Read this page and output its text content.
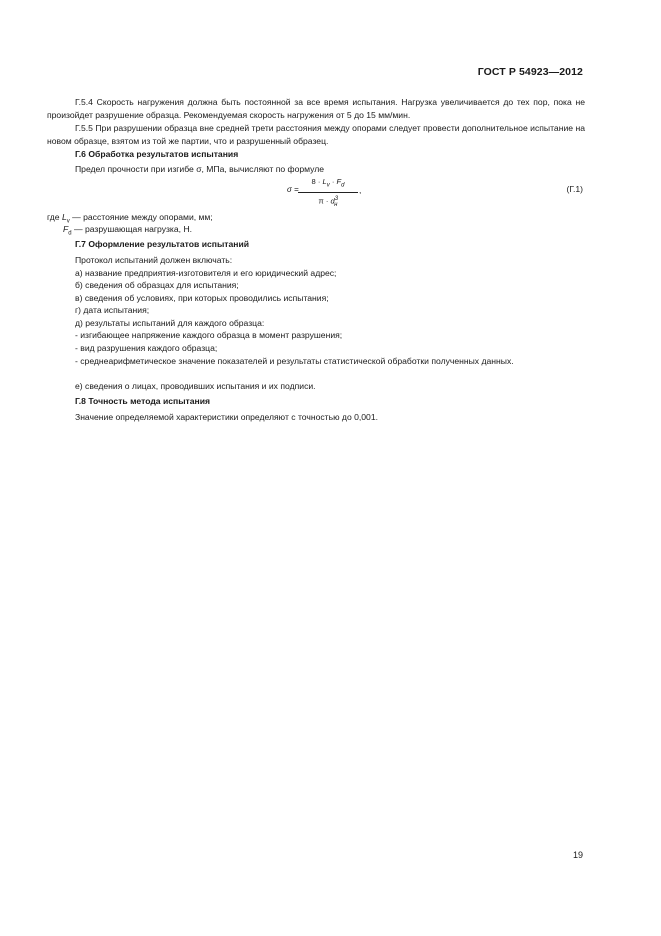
ГОСТ Р 54923—2012
Г.5.4 Скорость нагружения должна быть постоянной за все время испытания. Нагрузка увеличивается до тех пор, пока не произойдет разрушение образца. Рекомендуемая скорость нагружения от 5 до 15 мм/мин.
Г.5.5 При разрушении образца вне средней трети расстояния между опорами следует провести дополнительное испытание на новом образце, взятом из той же партии, что и разрушенный образец.
Г.6 Обработка результатов испытания
Предел прочности при изгибе σ, МПа, вычисляют по формуле
σ =
$8 \cdot L_v \cdot F_d$
$\pi \cdot d^3_н$
,	(Г.1)
где $L_v$ — расстояние между опорами, мм;
$F_d$ — разрушающая нагрузка, Н.
Г.7 Оформление результатов испытаний
Протокол испытаний должен включать:
а) название предприятия-изготовителя и его юридический адрес;
б) сведения об образцах для испытания;
в) сведения об условиях, при которых проводились испытания;
г) дата испытания;
д) результаты испытаний для каждого образца:
- изгибающее напряжение каждого образца в момент разрушения;
- вид разрушения каждого образца;
- среднеарифметическое значение показателей и результаты статистической обработки полученных данных.
е) сведения о лицах, проводивших испытания и их подписи.
Г.8 Точность метода испытания
Значение определяемой характеристики определяют с точностью до 0,001.
19
